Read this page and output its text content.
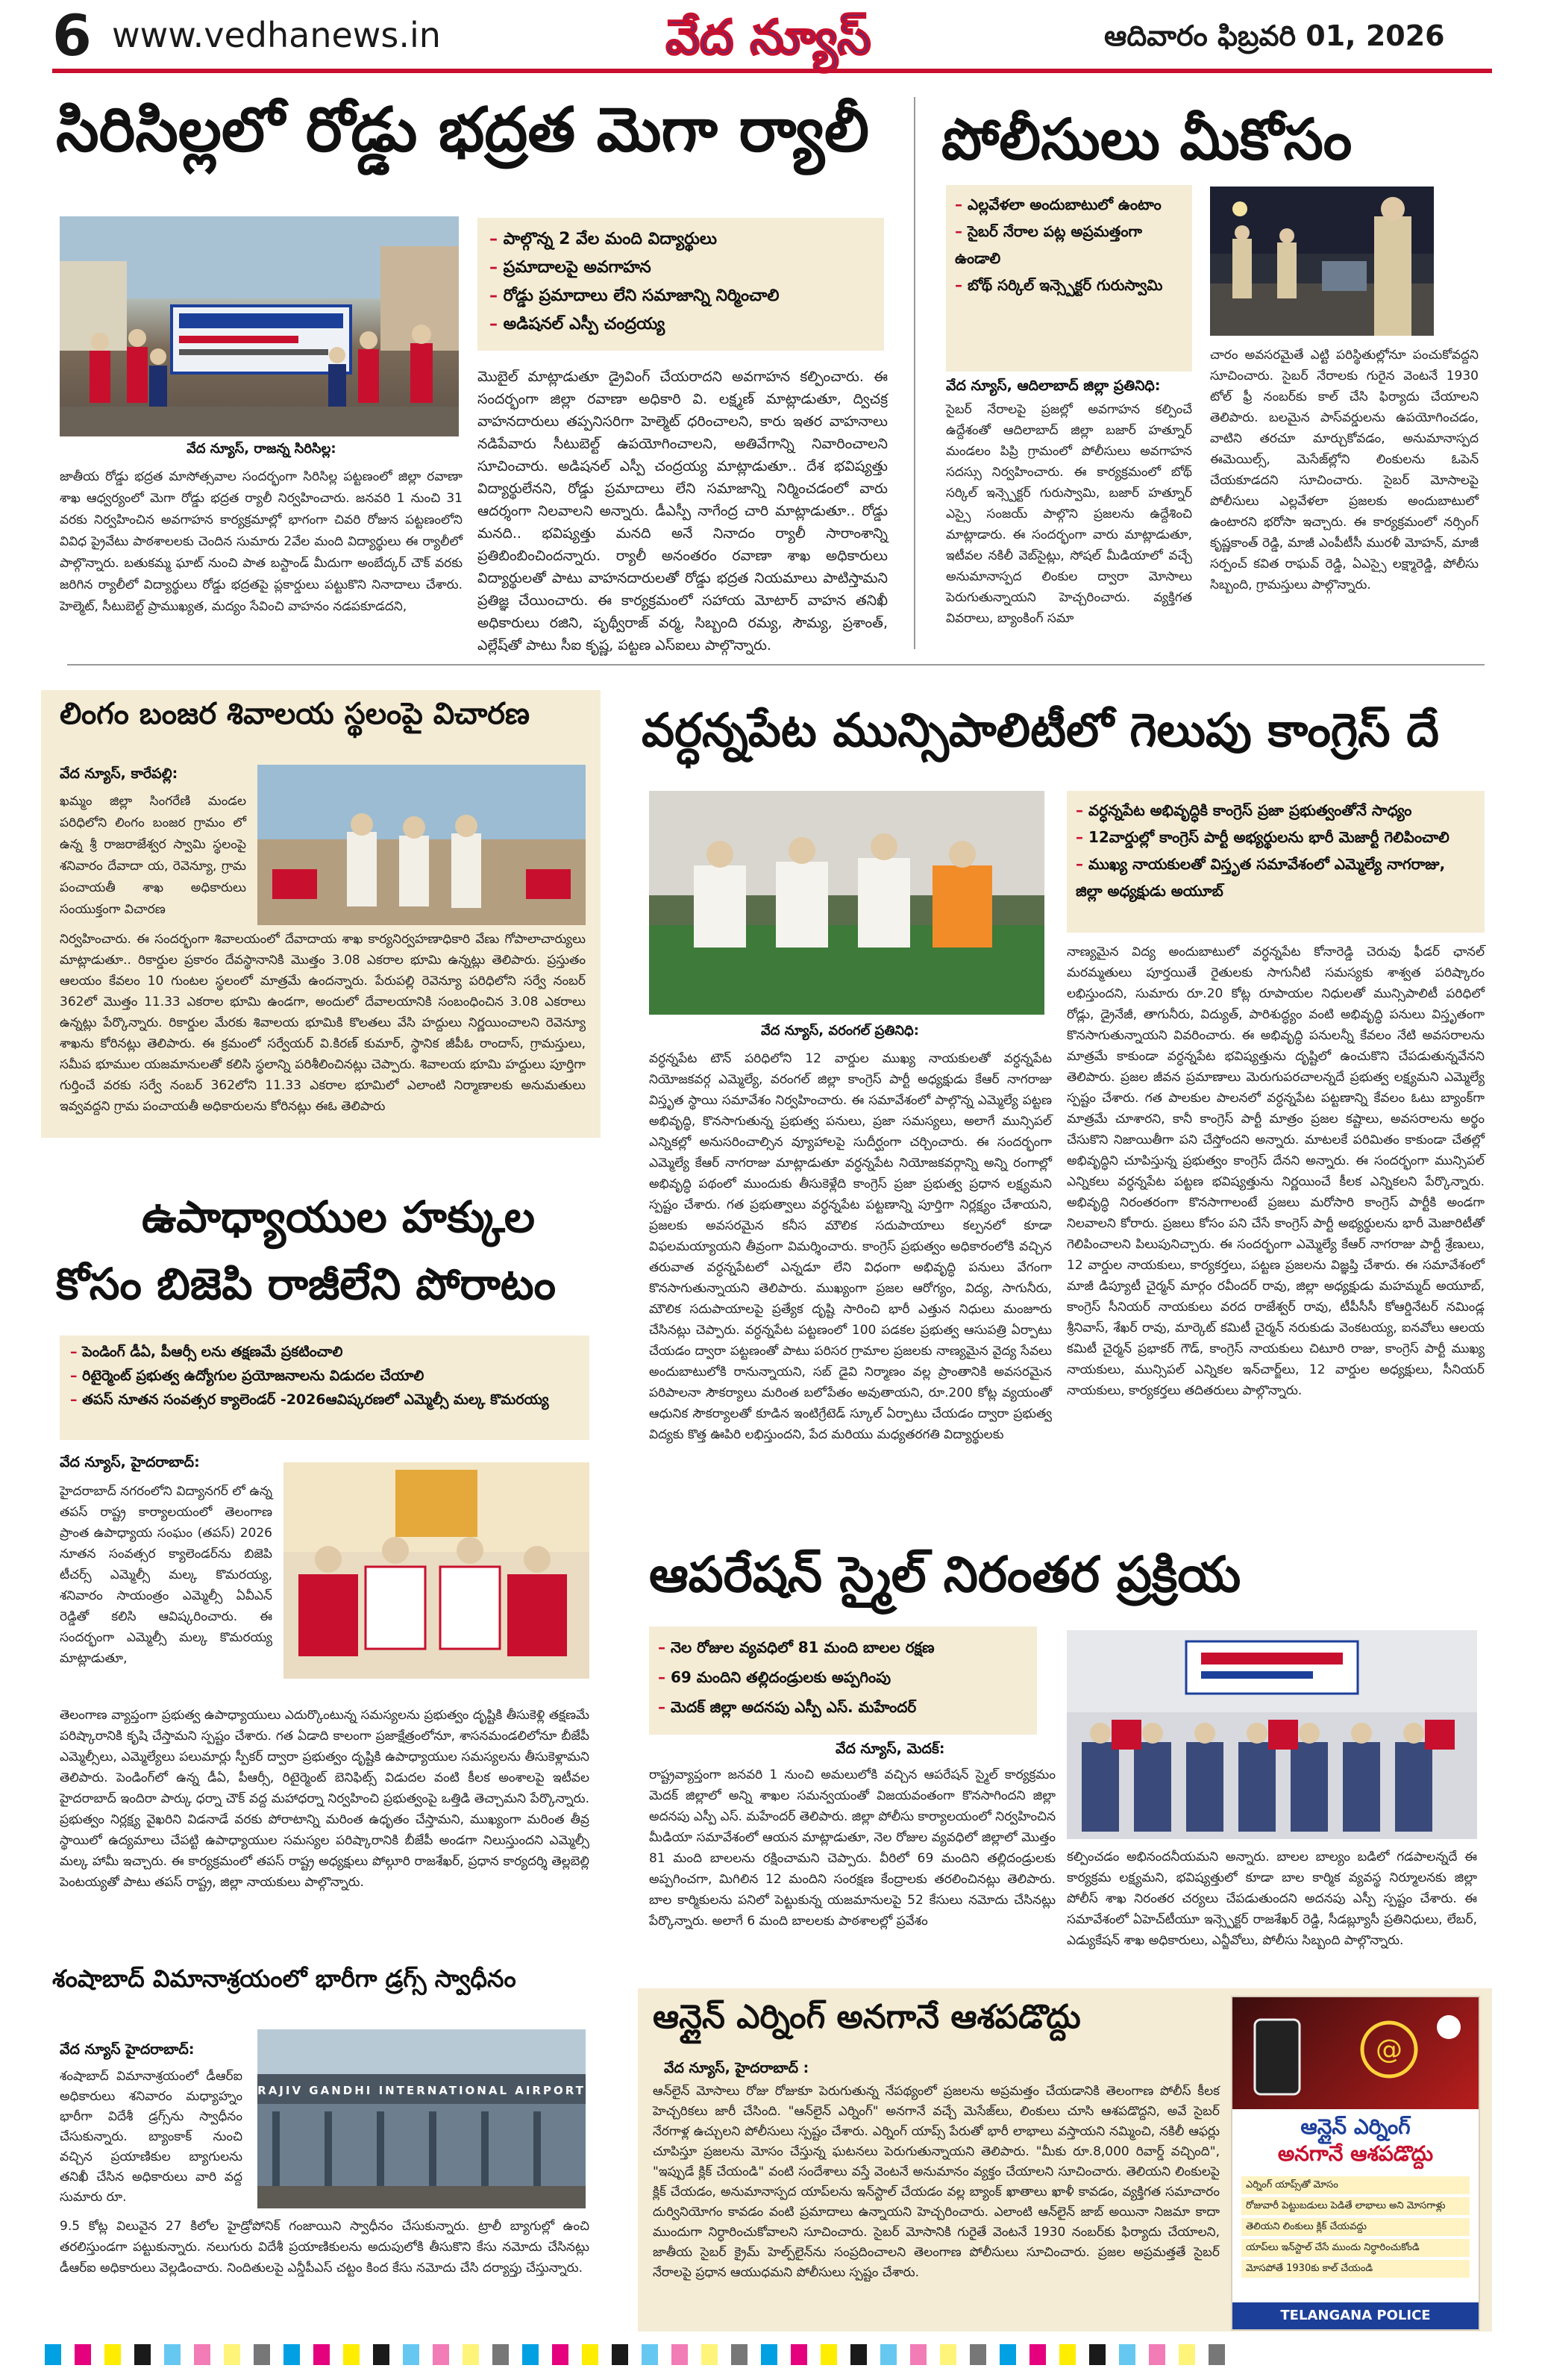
6 www.vedhanews.in	వేద న్యూస్	ఆదివారం ఫిబ్రవరి 01, 2026
సిరిసిల్లలో రోడ్డు భద్రత మెగా ర్యాలీ
వేద న్యూస్, రాజన్న సిరిసిల్ల:
– పాల్గొన్న 2 వేల మంది విద్యార్థులు
– ప్రమాదాలపై అవగాహన
– రోడ్డు ప్రమాదాలు లేని సమాజాన్ని నిర్మించాలి
– అడిషనల్ ఎస్పీ చంద్రయ్య
మొబైల్ మాట్లాడుతూ డ్రైవింగ్ చేయరాదని అవగాహన కల్పించారు. ఈ సందర్భంగా జిల్లా రవాణా అధికారి వి. లక్ష్మణ్ మాట్లాడుతూ, ద్విచక్ర వాహనదారులు తప్పనిసరిగా హెల్మెట్ ధరించాలని, కారు ఇతర వాహనాలు నడిపేవారు సీటుబెల్ట్ ఉపయోగించాలని, అతివేగాన్ని నివారించాలని సూచించారు. అడిషనల్ ఎస్పీ చంద్రయ్య మాట్లాడుతూ.. దేశ భవిష్యత్తు విద్యార్థులేనని, రోడ్డు ప్రమాదాలు లేని సమాజాన్ని నిర్మించడంలో వారు ఆదర్శంగా నిలవాలని అన్నారు. డీఎస్పీ నాగేంద్ర చారి మాట్లాడుతూ.. రోడ్డు మనది.. భవిష్యత్తు మనది అనే నినాదం ర్యాలీ సారాంశాన్ని ప్రతిబింబించిందన్నారు. ర్యాలీ అనంతరం రవాణా శాఖ అధికారులు విద్యార్థులతో పాటు వాహనదారులతో రోడ్డు భద్రత నియమాలు పాటిస్తామని ప్రతిజ్ఞ చేయించారు. ఈ కార్యక్రమంలో సహాయ మోటార్ వాహన తనిఖీ అధికారులు రజిని, పృథ్వీరాజ్ వర్మ, సిబ్బంది రమ్య, సౌమ్య, ప్రశాంత్, ఎల్లేష్‌తో పాటు సీఐ కృష్ణ, పట్టణ ఎస్ఐలు పాల్గొన్నారు.
జాతీయ రోడ్డు భద్రత మాసోత్సవాల సందర్భంగా సిరిసిల్ల పట్టణంలో జిల్లా రవాణా శాఖ ఆధ్వర్యంలో మెగా రోడ్డు భద్రత ర్యాలీ నిర్వహించారు. జనవరి 1 నుంచి 31 వరకు నిర్వహించిన అవగాహన కార్యక్రమాల్లో భాగంగా చివరి రోజున పట్టణంలోని వివిధ ప్రైవేటు పాఠశాలలకు చెందిన సుమారు 2వేల మంది విద్యార్థులు ఈ ర్యాలీలో పాల్గొన్నారు. బతుకమ్మ ఘాట్ నుంచి పాత బస్టాండ్ మీదుగా అంబేద్కర్ చౌక్ వరకు జరిగిన ర్యాలీలో విద్యార్థులు రోడ్డు భద్రతపై ప్లకార్డులు పట్టుకొని నినాదాలు చేశారు. హెల్మెట్, సీటుబెల్ట్ ప్రాముఖ్యత, మద్యం సేవించి వాహనం నడపకూడదని,
పోలీసులు మీకోసం
– ఎల్లవేళలా అందుబాటులో ఉంటాం
– సైబర్ నేరాల పట్ల అప్రమత్తంగా ఉండాలి
– బోథ్ సర్కిల్ ఇన్స్పెక్టర్ గురుస్వామి
వేద న్యూస్, ఆదిలాబాద్ జిల్లా ప్రతినిధి:
సైబర్ నేరాలపై ప్రజల్లో అవగాహన కల్పించే ఉద్దేశంతో ఆదిలాబాద్ జిల్లా బజార్ హత్నూర్ మండలం పిప్రి గ్రామంలో పోలీసులు అవగాహన సదస్సు నిర్వహించారు. ఈ కార్యక్రమంలో బోథ్ సర్కిల్ ఇన్స్పెక్టర్ గురుస్వామి, బజార్ హత్నూర్ ఎస్సై సంజయ్ పాల్గొని ప్రజలను ఉద్దేశించి మాట్లాడారు. ఈ సందర్భంగా వారు మాట్లాడుతూ, ఇటీవల నకిలీ వెబ్‌సైట్లు, సోషల్ మీడియాలో వచ్చే అనుమానాస్పద లింకుల ద్వారా మోసాలు పెరుగుతున్నాయని హెచ్చరించారు. వ్యక్తిగత వివరాలు, బ్యాంకింగ్ సమా
చారం అవసరమైతే ఎట్టి పరిస్థితుల్లోనూ పంచుకోవద్దని సూచించారు. సైబర్ నేరాలకు గురైన వెంటనే 1930 టోల్ ఫ్రీ నంబర్‌కు కాల్ చేసి ఫిర్యాదు చేయాలని తెలిపారు. బలమైన పాస్‌వర్డులను ఉపయోగించడం, వాటిని తరచూ మార్చుకోవడం, అనుమానాస్పద ఈమెయిల్స్, మెసేజ్‌ల్లోని లింకులను ఓపెన్ చేయకూడదని సూచించారు. సైబర్ మోసాలపై పోలీసులు ఎల్లవేళలా ప్రజలకు అందుబాటులో ఉంటారని భరోసా ఇచ్చారు. ఈ కార్యక్రమంలో నర్సింగ్ కృష్ణకాంత్ రెడ్డి, మాజీ ఎంపీటీసీ మురళీ మోహన్, మాజీ సర్పంచ్ కవిత రాఘవ్ రెడ్డి, ఏఎస్సై లక్ష్మారెడ్డి, పోలీసు సిబ్బంది, గ్రామస్తులు పాల్గొన్నారు.
లింగం బంజర శివాలయ స్థలంపై విచారణ
వేద న్యూస్, కారేపల్లి:
ఖమ్మం జిల్లా సింగరేణి మండల పరిధిలోని లింగం బంజర గ్రామం లో ఉన్న శ్రీ రాజరాజేశ్వర స్వామి స్థలంపై శనివారం దేవాదా య, రెవెన్యూ, గ్రామ పంచాయతీ శాఖ అధికారులు సంయుక్తంగా విచారణ
నిర్వహించారు. ఈ సందర్భంగా శివాలయంలో దేవాదాయ శాఖ కార్యనిర్వహణాధికారి వేణు గోపాలాచార్యులు మాట్లాడుతూ.. రికార్డుల ప్రకారం దేవస్థానానికి మొత్తం 3.08 ఎకరాల భూమి ఉన్నట్లు తెలిపారు. ప్రస్తుతం ఆలయం కేవలం 10 గుంటల స్థలంలో మాత్రమే ఉందన్నారు. పేరుపల్లి రెవెన్యూ పరిధిలోని సర్వే నంబర్ 362లో మొత్తం 11.33 ఎకరాల భూమి ఉండగా, అందులో దేవాలయానికి సంబంధించిన 3.08 ఎకరాలు ఉన్నట్లు పేర్కొన్నారు. రికార్డుల మేరకు శివాలయ భూమికి కొలతలు వేసి హద్దులు నిర్ణయించాలని రెవెన్యూ శాఖను కోరినట్లు తెలిపారు. ఈ క్రమంలో సర్వేయర్ వి.కిరణ్ కుమార్, స్థానిక జీపీఓ రాందాస్, గ్రామస్తులు, సమీప భూముల యజమానులతో కలిసి స్థలాన్ని పరిశీలించినట్లు చెప్పారు. శివాలయ భూమి హద్దులు పూర్తిగా గుర్తించే వరకు సర్వే నంబర్ 362లోని 11.33 ఎకరాల భూమిలో ఎలాంటి నిర్మాణాలకు అనుమతులు ఇవ్వవద్దని గ్రామ పంచాయతీ అధికారులను కోరినట్లు ఈఓ తెలిపారు
వర్ధన్నపేట మున్సిపాలిటీలో గెలుపు కాంగ్రెస్ దే
వేద న్యూస్, వరంగల్ ప్రతినిధి:
– వర్ధన్నపేట అభివృద్ధికి కాంగ్రెస్ ప్రజా ప్రభుత్వంతోనే సాధ్యం
– 12వార్డుల్లో కాంగ్రెస్ పార్టీ అభ్యర్థులను భారీ మెజార్టీ గెలిపించాలి
– ముఖ్య నాయకులతో విస్తృత సమావేశంలో ఎమ్మెల్యే నాగరాజు, జిల్లా అధ్యక్షుడు అయూబ్
నాణ్యమైన విద్య అందుబాటులో వర్ధన్నపేట కోనారెడ్డి చెరువు ఫీడర్ ఛానల్ మరమ్మతులు పూర్తయితే రైతులకు సాగునీటి సమస్యకు శాశ్వత పరిష్కారం లభిస్తుందని, సుమారు రూ.20 కోట్ల రూపాయల నిధులతో మున్సిపాలిటీ పరిధిలో రోడ్లు, డ్రైనేజీ, తాగునీరు, విద్యుత్, పారిశుద్ధ్యం వంటి అభివృద్ధి పనులు విస్తృతంగా కొనసాగుతున్నాయని వివరించారు. ఈ అభివృద్ధి పనులన్నీ కేవలం నేటి అవసరాలను మాత్రమే కాకుండా వర్ధన్నపేట భవిష్యత్తును దృష్టిలో ఉంచుకొని చేపడుతున్నవేనని తెలిపారు. ప్రజల జీవన ప్రమాణాలు మెరుగుపరచాలన్నదే ప్రభుత్వ లక్ష్యమని ఎమ్మెల్యే స్పష్టం చేశారు. గత పాలకుల పాలనలో వర్ధన్నపేట పట్టణాన్ని కేవలం ఓటు బ్యాంక్‌గా మాత్రమే చూశారని, కానీ కాంగ్రెస్ పార్టీ మాత్రం ప్రజల కష్టాలు, అవసరాలను అర్థం చేసుకొని నిజాయితీగా పని చేస్తోందని అన్నారు. మాటలకే పరిమితం కాకుండా చేతల్లో అభివృద్ధిని చూపిస్తున్న ప్రభుత్వం కాంగ్రెస్ దేనని అన్నారు. ఈ సందర్భంగా మున్సిపల్ ఎన్నికలు వర్ధన్నపేట పట్టణ భవిష్యత్తును నిర్ణయించే కీలక ఎన్నికలని పేర్కొన్నారు. అభివృద్ధి నిరంతరంగా కొనసాగాలంటే ప్రజలు మరోసారి కాంగ్రెస్ పార్టీకి అండగా నిలవాలని కోరారు. ప్రజలు కోసం పని చేసే కాంగ్రెస్ పార్టీ అభ్యర్థులను భారీ మెజారిటీతో గెలిపించాలని పిలుపునిచ్చారు. ఈ సందర్భంగా ఎమ్మెల్యే కేఆర్ నాగరాజు పార్టీ శ్రేణులు, 12 వార్డుల నాయకులు, కార్యకర్తలు, పట్టణ ప్రజలను విజ్ఞప్తి చేశారు. ఈ సమావేశంలో మాజీ డిప్యూటీ చైర్మన్ మార్గం రవీందర్ రావు, జిల్లా అధ్యక్షుడు మహమ్మద్ అయూబ్, కాంగ్రెస్ సీనియర్ నాయకులు వరద రాజేశ్వర్ రావు, టీపీసీసీ కోఆర్డినేటర్ నమిండ్ల శ్రీనివాస్, శేఖర్ రావు, మార్కెట్ కమిటీ చైర్మన్ నరుకుడు వెంకటయ్య, ఐనవోలు ఆలయ కమిటీ చైర్మన్ ప్రభాకర్ గౌడ్, కాంగ్రెస్ నాయకులు చిటూరి రాజు, కాంగ్రెస్ పార్టీ ముఖ్య నాయకులు, మున్సిపల్ ఎన్నికల ఇన్‌చార్జ్‌లు, 12 వార్డుల అధ్యక్షులు, సీనియర్ నాయకులు, కార్యకర్తలు తదితరులు పాల్గొన్నారు.
వర్ధన్నపేట టౌన్ పరిధిలోని 12 వార్డుల ముఖ్య నాయకులతో వర్ధన్నపేట నియోజకవర్గ ఎమ్మెల్యే, వరంగల్ జిల్లా కాంగ్రెస్ పార్టీ అధ్యక్షుడు కేఆర్ నాగరాజు విస్తృత స్థాయి సమావేశం నిర్వహించారు. ఈ సమావేశంలో పాల్గొన్న ఎమ్మెల్యే పట్టణ అభివృద్ధి, కొనసాగుతున్న ప్రభుత్వ పనులు, ప్రజా సమస్యలు, అలాగే మున్సిపల్ ఎన్నికల్లో అనుసరించాల్సిన వ్యూహాలపై సుదీర్ఘంగా చర్చించారు. ఈ సందర్భంగా ఎమ్మెల్యే కేఆర్ నాగరాజు మాట్లాడుతూ వర్ధన్నపేట నియోజకవర్గాన్ని అన్ని రంగాల్లో అభివృద్ధి పథంలో ముందుకు తీసుకెళ్లేది కాంగ్రెస్ ప్రజా ప్రభుత్వ ప్రధాన లక్ష్యమని స్పష్టం చేశారు. గత ప్రభుత్వాలు వర్ధన్నపేట పట్టణాన్ని పూర్తిగా నిర్లక్ష్యం చేశాయని, ప్రజలకు అవసరమైన కనీస మౌలిక సదుపాయాలు కల్పనలో కూడా విఫలమయ్యాయని తీవ్రంగా విమర్శించారు. కాంగ్రెస్ ప్రభుత్వం అధికారంలోకి వచ్చిన తరువాత వర్ధన్నపేటలో ఎన్నడూ లేని విధంగా అభివృద్ధి పనులు వేగంగా కొనసాగుతున్నాయని తెలిపారు. ముఖ్యంగా ప్రజల ఆరోగ్యం, విద్య, సాగునీరు, మౌలిక సదుపాయాలపై ప్రత్యేక దృష్టి సారించి భారీ ఎత్తున నిధులు మంజూరు చేసినట్లు చెప్పారు. వర్ధన్నపేట పట్టణంలో 100 పడకల ప్రభుత్వ ఆసుపత్రి ఏర్పాటు చేయడం ద్వారా పట్టణంతో పాటు పరిసర గ్రామాల ప్రజలకు నాణ్యమైన వైద్య సేవలు అందుబాటులోకి రానున్నాయని, సబ్ డైవి నిర్మాణం వల్ల ప్రాంతానికి అవసరమైన పరిపాలనా సౌకర్యాలు మరింత బలోపేతం అవుతాయని, రూ.200 కోట్ల వ్యయంతో ఆధునిక సౌకర్యాలతో కూడిన ఇంటిగ్రేటెడ్ స్కూల్ ఏర్పాటు చేయడం ద్వారా ప్రభుత్వ విద్యకు కొత్త ఊపిరి లభిస్తుందని, పేద మరియు మధ్యతరగతి విద్యార్థులకు
ఉపాధ్యాయుల హక్కుల
కోసం బిజెపి రాజీలేని పోరాటం
– పెండింగ్ డీఏ, పీఆర్సీ లను తక్షణమే ప్రకటించాలి
– రిటైర్మెంట్ ప్రభుత్వ ఉద్యోగుల ప్రయోజనాలను విడుదల చేయాలి
– తపస్ నూతన సంవత్సర క్యాలెండర్ -2026ఆవిష్కరణలో ఎమ్మెల్సీ మల్క కొమరయ్య
వేద న్యూస్, హైదరాబాద్:
హైదరాబాద్ నగరంలోని విద్యానగర్ లో ఉన్న తపస్ రాష్ట్ర కార్యాలయంలో తెలంగాణ ప్రాంత ఉపాధ్యాయ సంఘం (తపస్) 2026 నూతన సంవత్సర క్యాలెండర్‌ను బిజెపి టీచర్స్ ఎమ్మెల్సీ మల్క కొమరయ్య, శనివారం సాయంత్రం ఎమ్మెల్సీ ఏవీఎన్ రెడ్డితో కలిసి ఆవిష్కరించారు. ఈ సందర్భంగా ఎమ్మెల్సీ మల్క కొమరయ్య మాట్లాడుతూ,
తెలంగాణ వ్యాప్తంగా ప్రభుత్వ ఉపాధ్యాయులు ఎదుర్కొంటున్న సమస్యలను ప్రభుత్వం దృష్టికి తీసుకెళ్లి తక్షణమే పరిష్కారానికి కృషి చేస్తామని స్పష్టం చేశారు. గత ఏడాది కాలంగా ప్రజాక్షేత్రంలోనూ, శాసనమండలిలోనూ బీజేపీ ఎమ్మెల్సీలు, ఎమ్మెల్యేలు పలుమార్లు స్పీకర్ ద్వారా ప్రభుత్వం దృష్టికి ఉపాధ్యాయుల సమస్యలను తీసుకెళ్లామని తెలిపారు. పెండింగ్‌లో ఉన్న డీఏ, పీఆర్సీ, రిటైర్మెంట్ బెనిఫిట్స్ విడుదల వంటి కీలక అంశాలపై ఇటీవల హైదరాబాద్ ఇందిరా పార్కు ధర్నా చౌక్ వద్ద మహాధర్నా నిర్వహించి ప్రభుత్వంపై ఒత్తిడి తెచ్చామని పేర్కొన్నారు. ప్రభుత్వం నిర్లక్ష్య వైఖరిని విడనాడే వరకు పోరాటాన్ని మరింత ఉధృతం చేస్తామని, ముఖ్యంగా మరింత తీవ్ర స్థాయిలో ఉద్యమాలు చేపట్టి ఉపాధ్యాయుల సమస్యల పరిష్కారానికి బీజేపీ అండగా నిలుస్తుందని ఎమ్మెల్సీ మల్క హామీ ఇచ్చారు. ఈ కార్యక్రమంలో తపస్ రాష్ట్ర అధ్యక్షులు పోల్గూరి రాజశేఖర్, ప్రధాన కార్యదర్శి తెల్లబెల్లి పెంటయ్యతో పాటు తపస్ రాష్ట్ర, జిల్లా నాయకులు పాల్గొన్నారు.
ఆపరేషన్ స్మైల్ నిరంతర ప్రక్రియ
– నెల రోజుల వ్యవధిలో 81 మంది బాలల రక్షణ
– 69 మందిని తల్లిదండ్రులకు అప్పగింపు
– మెదక్ జిల్లా అదనపు ఎస్పీ ఎస్. మహేందర్
వేద న్యూస్, మెదక్:
రాష్ట్రవ్యాప్తంగా జనవరి 1 నుంచి అమలులోకి వచ్చిన ఆపరేషన్ స్మైల్ కార్యక్రమం మెదక్ జిల్లాలో అన్ని శాఖల సమన్వయంతో విజయవంతంగా కొనసాగిందని జిల్లా అదనపు ఎస్పీ ఎస్. మహేందర్ తెలిపారు. జిల్లా పోలీసు కార్యాలయంలో నిర్వహించిన మీడియా సమావేశంలో ఆయన మాట్లాడుతూ, నెల రోజుల వ్యవధిలో జిల్లాలో మొత్తం 81 మంది బాలలను రక్షించామని చెప్పారు. వీరిలో 69 మందిని తల్లిదండ్రులకు అప్పగించగా, మిగిలిన 12 మందిని సంరక్షణ కేంద్రాలకు తరలించినట్లు తెలిపారు. బాల కార్మికులను పనిలో పెట్టుకున్న యజమానులపై 52 కేసులు నమోదు చేసినట్లు పేర్కొన్నారు. అలాగే 6 మంది బాలలకు పాఠశాలల్లో ప్రవేశం
కల్పించడం అభినందనీయమని అన్నారు. బాలల బాల్యం బడిలో గడపాలన్నదే ఈ కార్యక్రమ లక్ష్యమని, భవిష్యత్తులో కూడా బాల కార్మిక వ్యవస్థ నిర్మూలనకు జిల్లా పోలీస్ శాఖ నిరంతర చర్యలు చేపడుతుందని అదనపు ఎస్పీ స్పష్టం చేశారు. ఈ సమావేశంలో ఏహెచ్‌టీయూ ఇన్స్పెక్టర్ రాజశేఖర్ రెడ్డి, సీడబ్ల్యూసీ ప్రతినిధులు, లేబర్, ఎడ్యుకేషన్ శాఖ అధికారులు, ఎన్జీవోలు, పోలీసు సిబ్బంది పాల్గొన్నారు.
శంషాబాద్ విమానాశ్రయంలో భారీగా డ్రగ్స్ స్వాధీనం
వేద న్యూస్ హైదరాబాద్:
శంషాబాద్ విమానాశ్రయంలో డీఆర్ఐ అధికారులు శనివారం మధ్యాహ్నం భారీగా విదేశీ డ్రగ్స్‌ను స్వాధీనం చేసుకున్నారు. బ్యాంకాక్ నుంచి వచ్చిన ప్రయాణికుల బ్యాగులను తనిఖీ చేసిన అధికారులు వారి వద్ద సుమారు రూ.
RAJIV GANDHI INTERNATIONAL AIRPORT
9.5 కోట్ల విలువైన 27 కిలోల హైడ్రోపోనిక్ గంజాయిని స్వాధీనం చేసుకున్నారు. ట్రాలీ బ్యాగుల్లో ఉంచి తరలిస్తుండగా పట్టుకున్నారు. నలుగురు విదేశీ ప్రయాణికులను అదుపులోకి తీసుకొని కేసు నమోదు చేసినట్లు డీఆర్ఐ అధికారులు వెల్లడించారు. నిందితులపై ఎన్డీపీఎస్ చట్టం కింద కేసు నమోదు చేసి దర్యాప్తు చేస్తున్నారు.
ఆన్లైన్ ఎర్నింగ్ అనగానే ఆశపడొద్దు
వేద న్యూస్, హైదరాబాద్ :
ఆన్‌లైన్ మోసాలు రోజు రోజుకూ పెరుగుతున్న నేపథ్యంలో ప్రజలను అప్రమత్తం చేయడానికి తెలంగాణ పోలీస్ కీలక హెచ్చరికలు జారీ చేసింది. "ఆన్‌లైన్ ఎర్నింగ్" అనగానే వచ్చే మెసేజ్‌లు, లింకులు చూసి ఆశపడొద్దని, అవే సైబర్ నేరగాళ్ల ఉచ్చులని పోలీసులు స్పష్టం చేశారు. ఎర్నింగ్ యాప్స్ పేరుతో భారీ లాభాలు వస్తాయని నమ్మించి, నకిలీ ఆఫర్లు చూపిస్తూ ప్రజలను మోసం చేస్తున్న ఘటనలు పెరుగుతున్నాయని తెలిపారు. "మీకు రూ.8,000 రివార్డ్ వచ్చింది", "ఇప్పుడే క్లిక్ చేయండి" వంటి సందేశాలు వస్తే వెంటనే అనుమానం వ్యక్తం చేయాలని సూచించారు. తెలియని లింకులపై క్లిక్ చేయడం, అనుమానాస్పద యాప్‌లను ఇన్‌స్టాల్ చేయడం వల్ల బ్యాంక్ ఖాతాలు ఖాళీ కావడం, వ్యక్తిగత సమాచారం దుర్వినియోగం కావడం వంటి ప్రమాదాలు ఉన్నాయని హెచ్చరించారు. ఎలాంటి ఆన్‌లైన్ జాబ్ అయినా నిజమా కాదా ముందుగా నిర్ధారించుకోవాలని సూచించారు. సైబర్ మోసానికి గురైతే వెంటనే 1930 నంబర్‌కు ఫిర్యాదు చేయాలని, జాతీయ సైబర్ క్రైమ్ హెల్ప్‌లైన్‌ను సంప్రదించాలని తెలంగాణ పోలీసులు సూచించారు. ప్రజల అప్రమత్తతే సైబర్ నేరాలపై ప్రధాన ఆయుధమని పోలీసులు స్పష్టం చేశారు.
@
ఆన్లైన్ ఎర్నింగ్
అనగానే ఆశపడొద్దు
ఎర్నింగ్ యాప్స్‌తో మోసం
రోజువారీ పెట్టుబడులు పెడితే లాభాలు అని మోసగాళ్లు
తెలియని లింకులు క్లిక్ చేయవద్దు
యాప్‌లు ఇన్‌స్టాల్ చేసే ముందు నిర్ధారించుకోండి
మోసపోతే 1930కు కాల్ చేయండి
TELANGANA POLICE
